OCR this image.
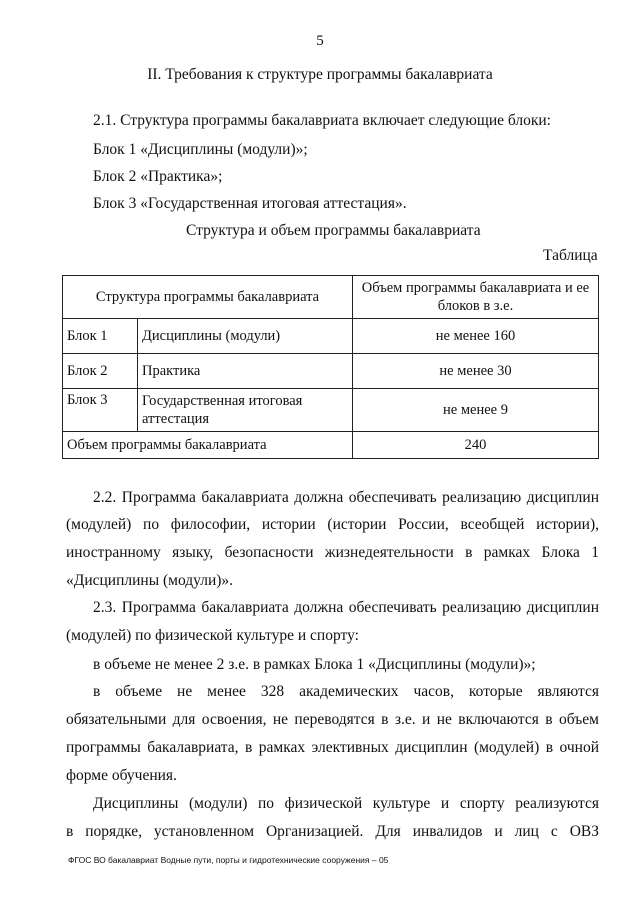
5
II. Требования к структуре программы бакалавриата
2.1. Структура программы бакалавриата включает следующие блоки:
Блок 1 «Дисциплины (модули)»;
Блок 2 «Практика»;
Блок 3 «Государственная итоговая аттестация».
Структура и объем программы бакалавриата
Таблица
Структура программы бакалавриата		Объем программы бакалавриата и ее блоков в з.е.
Блок 1	Дисциплины (модули)	не менее 160
Блок 2	Практика	не менее 30
Блок 3	Государственная итоговая аттестация	не менее 9
Объем программы бакалавриата		240
2.2. Программа бакалавриата должна обеспечивать реализацию дисциплин
(модулей) по философии, истории (истории России, всеобщей истории),
иностранному языку, безопасности жизнедеятельности в рамках Блока 1
«Дисциплины (модули)».
2.3. Программа бакалавриата должна обеспечивать реализацию дисциплин
(модулей) по физической культуре и спорту:
в объеме не менее 2 з.е. в рамках Блока 1 «Дисциплины (модули)»;
в объеме не менее 328 академических часов, которые являются
обязательными для освоения, не переводятся в з.е. и не включаются в объем
программы бакалавриата, в рамках элективных дисциплин (модулей) в очной
форме обучения.
Дисциплины (модули) по физической культуре и спорту реализуются
в порядке, установленном Организацией. Для инвалидов и лиц с ОВЗ
ФГОС ВО бакалавриат Водные пути, порты и гидротехнические сооружения – 05
